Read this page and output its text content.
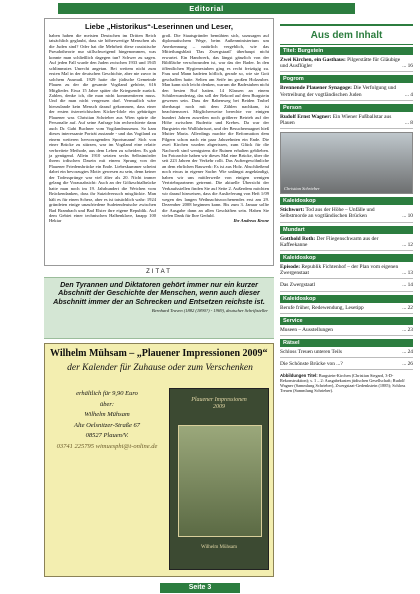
Editorial
Liebe „Historikus“-Leserinnen und Leser,
haben haben die meisten Deutschen im Dritten Reich tatsächlich geglaubt, dass sie höherwertige Menschen als die Juden sind? Oder hat die Mehrheit diese rassistische Pseudotheorie nur stillschweigend hingenommen, was konnte man schließlich dagegen tun? Schwer zu sagen. Auf jeden Fall wurde den Juden zwischen 1933 und 1945 schlimmstes Unrecht angetan. Bei weitem nicht zum ersten Mal in der deutschen Geschichte, aber nie zuvor in solchem Ausmaß. 1929 hatte die jüdische Gemeinde Plauen zu der die gesamte Vogtland gehörte, 616 Mitglieder. Etwa 15 Jahre später die Kriegsende zurück. Zahlen, denke ich, die man nicht kommentieren muss. Und die man nicht vergessen darf. Vermutlich wäre hierzulande kein Mensch darauf gekommen, dass einer der ersten österreichischen Kicker-Idole ein gebürtiger Plauener war. Christian Schrieber aus Wien spürte die Personalie auf. Auf seine Anfrage hin recherchierte dann auch Dr. Gabi Buchner vom Vogtlandmuseum. So kam dieses interessante Porträt zustande - und das Vogtland zu einem weiteren hervorragenden Sportsmann! Sich von einer Brücke zu stürzen, war im Vogtland eine relativ verbreitete Methode, aus dem Leben zu scheiden. Es gab ja genügend. Allein 1910 setzten sechs Selbstmörder ihrem irdischen Dasein mit einem Sprung von der Plauener Friedensbrücke ein Ende. Liebeskummer scheint dabei ein bevorzugtes Motiv gewesen zu sein, denn keiner der Todessprünge war viel älter als 20. Nicht immer gelang die Vorausabsicht: Auch an der Göltzschtalbrücke hatte man noch im 19. Jahrhundert die Weichen vom Brückendanken, dass ihr Suizidversuch misglückte. Man hält es für einen Scherz, aber es ist tatsächlich wahr: 1924 gründeten einige unzufriedene Sudetendeutsche zwischen Bad Brambach und Bad Elster ihre eigene Republik. Auf dem Gebiet einer technischen Halbenklave, knapp 100 Hektar
groß. Die Staatsgründer bemühten sich, sozusagen auf diplomatischem Wege, beim Außenministerium um Anerkennung – natürlich vergeblich, wie das Mitteilungsblatt 'Das Zwergstaatl' überhaupt nicht erwartet. Ein Handwerk, das längst gänzlich von der Bildfläche verschwunden ist, war das der Bader. In den öffentlichen Hygienestuben ging es recht freizügig zu. Frau und Mann badeten höflich, gerade so, wie sie Gott geschaffen hatte. Selten am Seife im großen Holzzuber. Man kann sich leicht denken, warum die Badestuben nicht den besten Ruf hatten. 14 Klassen an einem Schülerwandertag, das soll der Rekord auf dem Burgstein gewesen sein. Dass der Rabenweg bei Beiden Trubel überhaupt noch mit dem Zählen nachkam, ist beachtenswert. Möglicherweise berechte vor einigen hundert Jahren zuweilen noch größerer Betrieb auf der Höhe zwischen Ruderitz und Krebes. Da war der Burgstein ein Wallfahrtsort, und der Besuchermagnet hieß Mutter Maria. Allerdings machte die Reformation dem Pilgern schon nach ein paar Jahrzehnten ein Ende. Die zwei Kirchen wurden abgerissen, zum Glück für die Nachwelt sind wenigstens die Ruinen erhalten geblieben. Im Fotoarchiv haben wir dieses Mal eine Brücke, über die seit 223 Jahren der Verkehr rollt. Das Auftergewöhnliche an dem ehrlichen Bauwerk: Es ist aus Holz. Abschließend noch etwas in eigener Sache: Wie unlängst angekündigt, haben wir uns mittlerweile von einigen wenigen Vertriebspartnern getrennt. Die aktuelle Übersicht der Verkaufsstellen finden Sie auf Seite 2. Außerdem möchten wir darauf hinweisen, dass die Auslieferung von Heft 1/09 wegen des langen Weihnachtswochenendes erst am 29. Dezember 2008 beginnen kann. Bis zum 3. Januar sollte die Ausgabe dann an allen Geschäften sein. Haben Sie vielen Dank für Ihre Geduld.
Ihr Andreas Krone
ZITAT
Den Tyrannen und Diktatoren gehört immer nur ein kurzer Abschnitt der Geschichte der Menschen, wenn auch dieser Abschnitt immer der an Schrecken und Entsetzen reichste ist.
Bernhard Traven (1882 (1890?) - 1969), deutscher Schriftsteller
Wilhelm Mühsam – „Plauener Impressionen 2009“
der Kalender für Zuhause oder zum Verschenken
erhältlich für 9,90 Euro
über:
Wilhelm Mühsam
Alte Oelsnitzer-Straße 67
08527 Plauen/V.
03741 225795 wimuesphi@t-online.de
Plauener Impressionen
2009
Wilhelm Mühsam
Aus dem Inhalt
Titel: Burgstein
Zwei Kirchen, ein Gasthaus: Pilgerstätte für Gläubige und Ausflügler	... 16
Pogrom
Brennende Plauener Synagoge: Die Verfolgung und Vertreibung der vogtländischen Juden	... 4
Person
Rudolf Ernst Wagner: Ein Wiener Fußballstar aus Plauen	... 8
Christian Schrieber
Kaleidoskop
Stichwort: Tod aus der Höhe – Unfälle und Selbstmorde an vogtländischen Brücken	... 10
Mundart
Gotthold Roth: Der Fliegenschwarm aus der Kaffeekanne	... 12
Kaleidoskop
Episode: Republik Fichtenhof – der Plan vom eigenen Zwergenstaat	... 13
Das Zwergstaatl	... 14
Kaleidoskop
Berufe früher, Redewendung, Lesetipp	... 22
Service
Museen – Ausstellungen	... 23
Rätsel
Schloss Treuen unteren Teils	... 24
Die Schönste Brücke von ...?	... 26
Abbildungen Titel: Burgstein-Kirchen (Christian Siegard, 3-D-Rekonstruktion); s. 1 – 2: Ausgabekasten jüdischen Gesellschaft; Rudolf Wagner (Sammlung Schrieber), Zwergstaat-Gedenkstein (1885); Schloss Treuen (Sammlung Schrieber).
Seite 3
